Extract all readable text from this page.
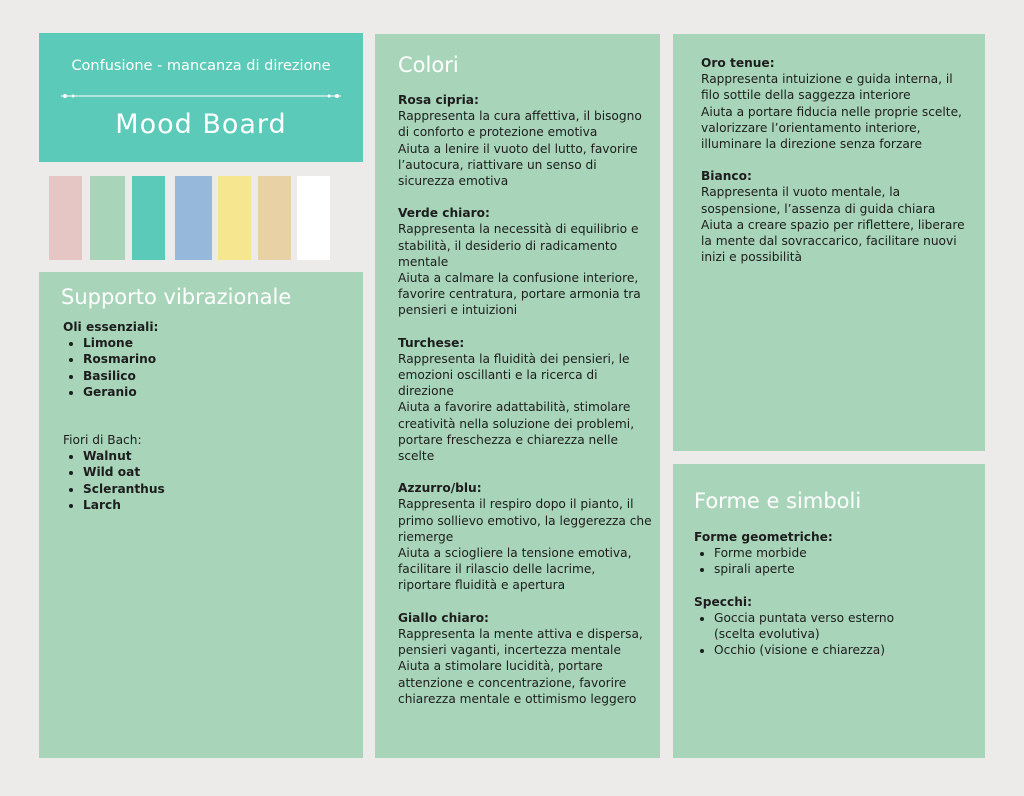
Confusione - mancanza di direzione
Mood Board
Supporto vibrazionale
Oli essenziali:
• Limone
• Rosmarino
• Basilico
• Geranio
Fiori di Bach:
• Walnut
• Wild oat
• Scleranthus
• Larch
Colori
Rosa cipria:
Rappresenta la cura affettiva, il bisogno
di conforto e protezione emotiva
Aiuta a lenire il vuoto del lutto, favorire
l’autocura, riattivare un senso di
sicurezza emotiva
Verde chiaro:
Rappresenta la necessità di equilibrio e
stabilità, il desiderio di radicamento
mentale
Aiuta a calmare la confusione interiore,
favorire centratura, portare armonia tra
pensieri e intuizioni
Turchese:
Rappresenta la fluidità dei pensieri, le
emozioni oscillanti e la ricerca di
direzione
Aiuta a favorire adattabilità, stimolare
creatività nella soluzione dei problemi,
portare freschezza e chiarezza nelle
scelte
Azzurro/blu:
Rappresenta il respiro dopo il pianto, il
primo sollievo emotivo, la leggerezza che
riemerge
Aiuta a sciogliere la tensione emotiva,
facilitare il rilascio delle lacrime,
riportare fluidità e apertura
Giallo chiaro:
Rappresenta la mente attiva e dispersa,
pensieri vaganti, incertezza mentale
Aiuta a stimolare lucidità, portare
attenzione e concentrazione, favorire
chiarezza mentale e ottimismo leggero
Oro tenue:
Rappresenta intuizione e guida interna, il
filo sottile della saggezza interiore
Aiuta a portare fiducia nelle proprie scelte,
valorizzare l’orientamento interiore,
illuminare la direzione senza forzare
Bianco:
Rappresenta il vuoto mentale, la
sospensione, l’assenza di guida chiara
Aiuta a creare spazio per riflettere, liberare
la mente dal sovraccarico, facilitare nuovi
inizi e possibilità
Forme e simboli
Forme geometriche:
• Forme morbide
• spirali aperte
Specchi:
• Goccia puntata verso esterno (scelta evolutiva)
• Occhio (visione e chiarezza)
